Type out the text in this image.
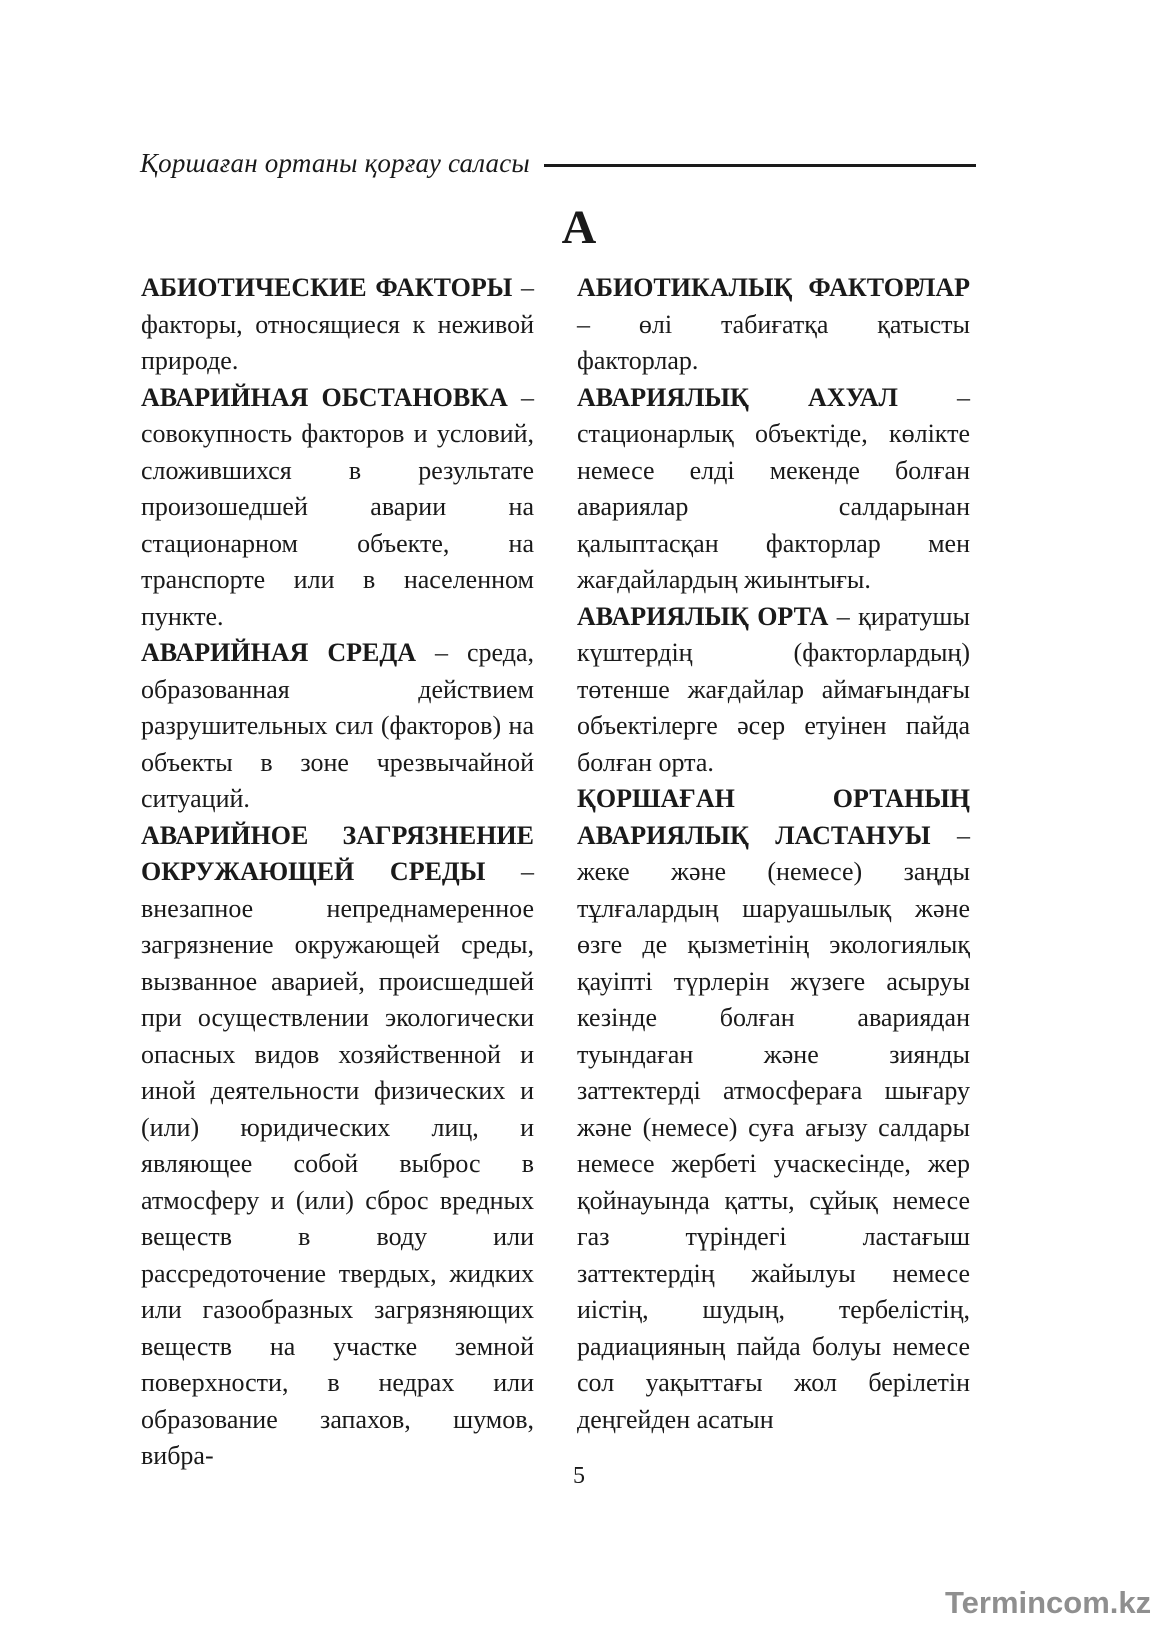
Қоршаған ортаны қорғау саласы
А

АБИОТИЧЕСКИЕ ФАКТОРЫ – факторы, относящиеся к неживой природе.

АВАРИЙНАЯ ОБСТАНОВКА – совокупность факторов и условий, сложившихся в результате произошедшей аварии на стационарном объекте, на транспорте или в населенном пункте.

АВАРИЙНАЯ СРЕДА – среда, образованная действием разрушительных сил (факторов) на объекты в зоне чрезвычайной ситуаций.

АВАРИЙНОЕ ЗАГРЯЗНЕНИЕ ОКРУЖАЮЩЕЙ СРЕДЫ – внезапное непреднамеренное загрязнение окружающей среды, вызванное аварией, происшедшей при осуществлении экологически опасных видов хозяйственной и иной деятельности физических и (или) юридических лиц, и являющее собой выброс в атмосферу и (или) сброс вредных веществ в воду или рассредоточение твердых, жидких или газообразных загрязняющих веществ на участке земной поверхности, в недрах или образование запахов, шумов, вибра-

АБИОТИКАЛЫҚ ФАКТОРЛАР – өлі табиғатқа қатысты факторлар.

АВАРИЯЛЫҚ АХУАЛ – стационарлық объектіде, көлікте немесе елді мекенде болған авариялар салдарынан қалыптасқан факторлар мен жағдайлардың жиынтығы.

АВАРИЯЛЫҚ ОРТА – қиратушы күштердің (факторлардың) төтенше жағдайлар аймағындағы объектілерге әсер етуінен пайда болған орта.

ҚОРШАҒАН ОРТАНЫҢ АВАРИЯЛЫҚ ЛАСТАНУЫ – жеке және (немесе) заңды тұлғалардың шаруашылық және өзге де қызметінің экологиялық қауіпті түрлерін жүзеге асыруы кезінде болған авариядан туындаған және зиянды заттектерді атмосфераға шығару және (немесе) суға ағызу салдары немесе жербеті учаскесінде, жер қойнауында қатты, сұйық немесе газ түріндегі ластағыш заттектердің жайылуы немесе иістің, шудың, тербелістің, радиацияның пайда болуы немесе сол уақыттағы жол берілетін деңгейден асатын

5
Termincom.kz
